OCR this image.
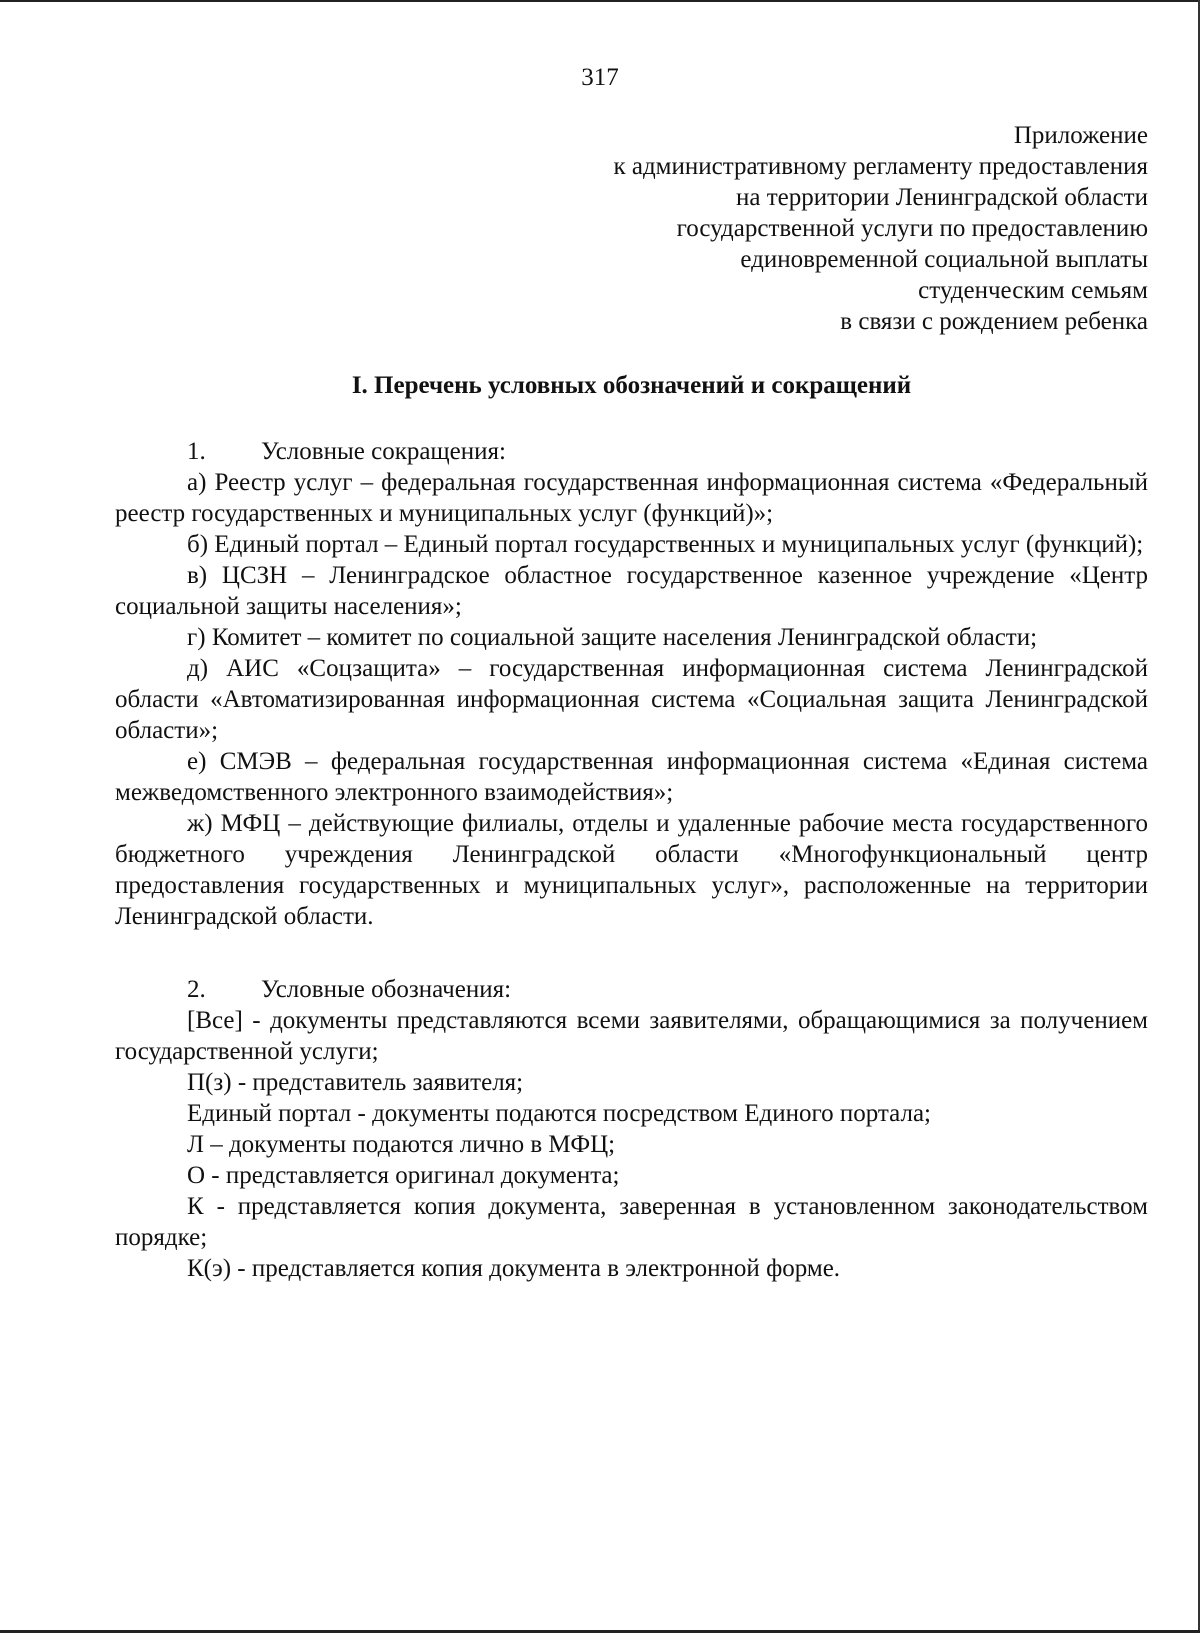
317
Приложение
к административному регламенту предоставления
на территории Ленинградской области
государственной услуги по предоставлению
единовременной социальной выплаты
студенческим семьям
в связи с рождением ребенка
I. Перечень условных обозначений и сокращений

1. Условные сокращения:

а) Реестр услуг – федеральная государственная информационная система «Федеральный реестр государственных и муниципальных услуг (функций)»;

б) Единый портал – Единый портал государственных и муниципальных услуг (функций);

в) ЦСЗН – Ленинградское областное государственное казенное учреждение «Центр социальной защиты населения»;

г) Комитет – комитет по социальной защите населения Ленинградской области;

д) АИС «Соцзащита» – государственная информационная система Ленинградской области «Автоматизированная информационная система «Социальная защита Ленинградской области»;

е) СМЭВ – федеральная государственная информационная система «Единая система межведомственного электронного взаимодействия»;

ж) МФЦ – действующие филиалы, отделы и удаленные рабочие места государственного бюджетного учреждения Ленинградской области «Многофункциональный центр предоставления государственных и муниципальных услуг», расположенные на территории Ленинградской области.

2. Условные обозначения:

[Все] - документы представляются всеми заявителями, обращающимися за получением государственной услуги;

П(з) - представитель заявителя;

Единый портал - документы подаются посредством Единого портала;

Л – документы подаются лично в МФЦ;

О - представляется оригинал документа;

К - представляется копия документа, заверенная в установленном законодательством порядке;

К(э) - представляется копия документа в электронной форме.
